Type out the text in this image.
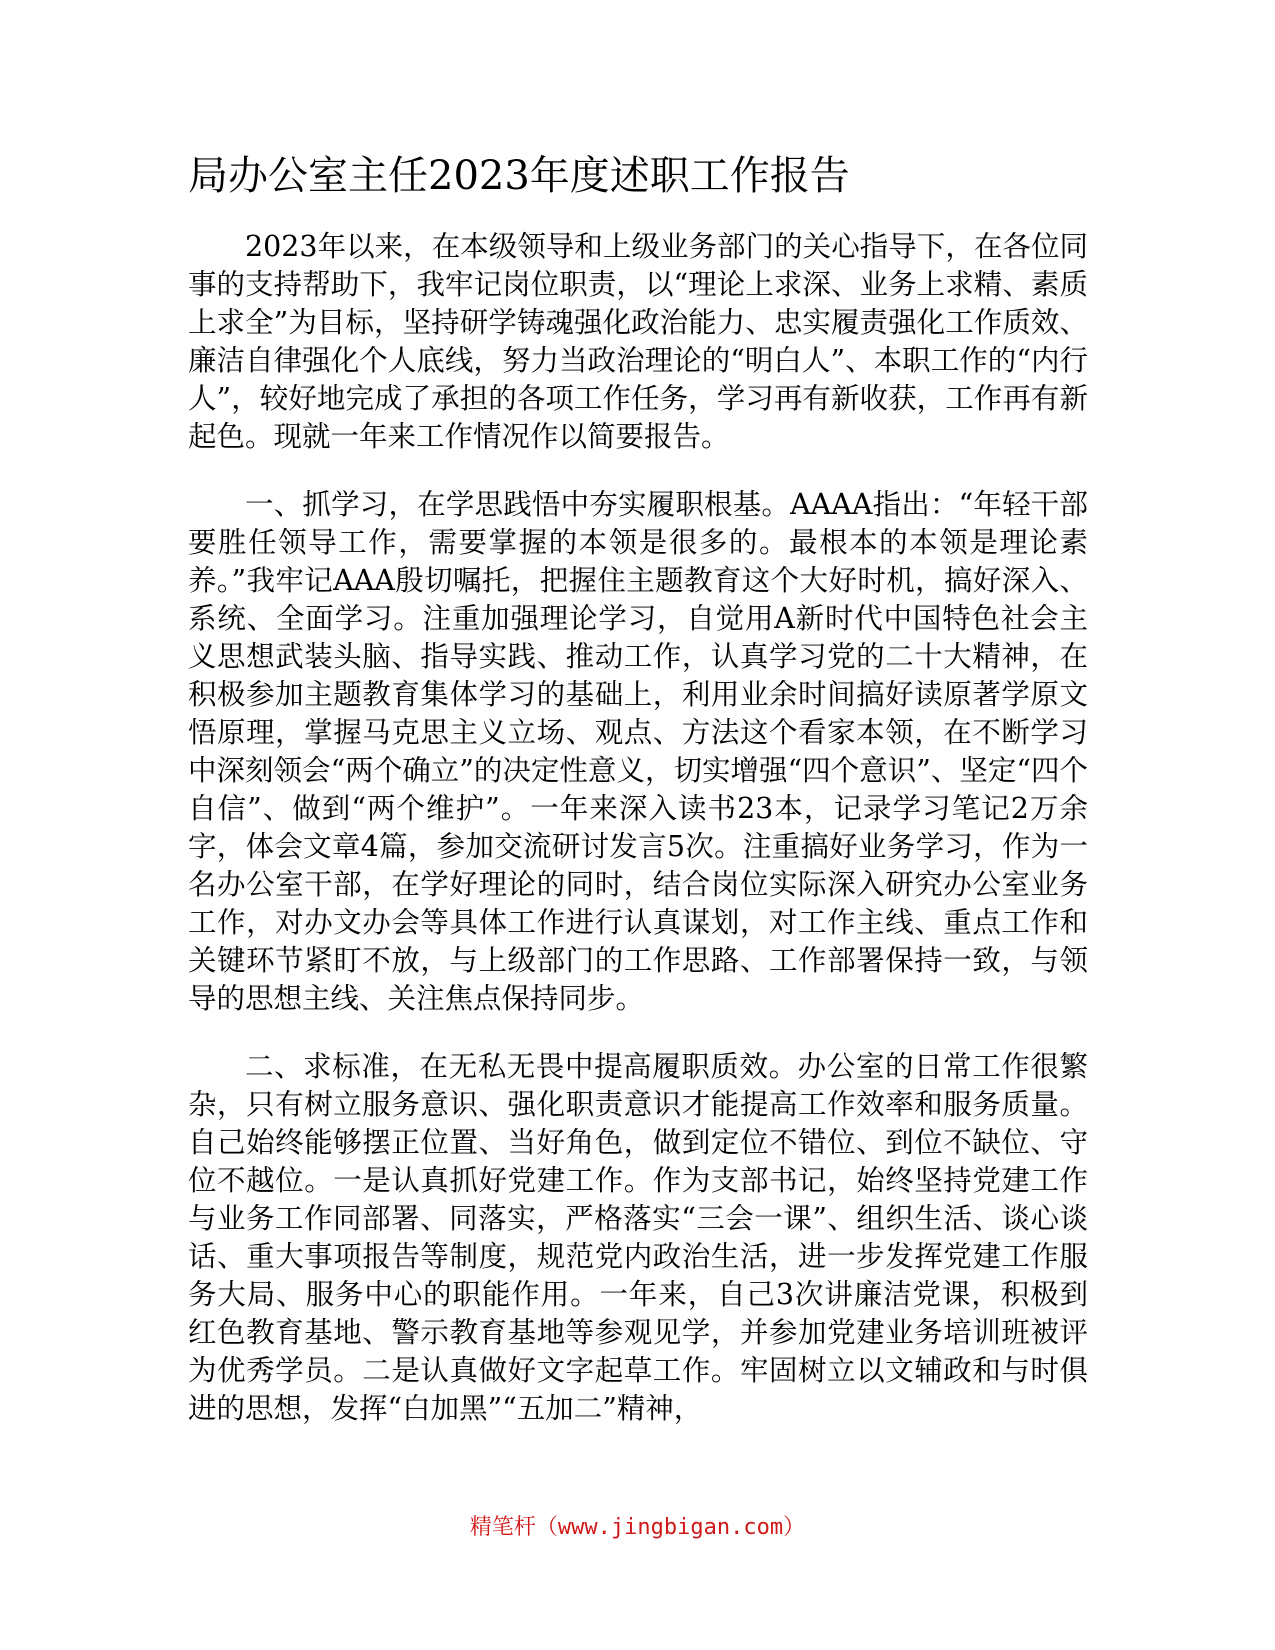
局办公室主任2023年度述职工作报告

2023年以来，在本级领导和上级业务部门的关心指导下，在各位同事的支持帮助下，我牢记岗位职责，以“理论上求深、业务上求精、素质上求全”为目标，坚持研学铸魂强化政治能力、忠实履责强化工作质效、廉洁自律强化个人底线，努力当政治理论的“明白人”、本职工作的“内行人”，较好地完成了承担的各项工作任务，学习再有新收获，工作再有新起色。现就一年来工作情况作以简要报告。

一、抓学习，在学思践悟中夯实履职根基。AAAA指出：“年轻干部要胜任领导工作，需要掌握的本领是很多的。最根本的本领是理论素养。”我牢记AAA殷切嘱托，把握住主题教育这个大好时机，搞好深入、系统、全面学习。注重加强理论学习，自觉用A新时代中国特色社会主义思想武装头脑、指导实践、推动工作，认真学习党的二十大精神，在积极参加主题教育集体学习的基础上，利用业余时间搞好读原著学原文悟原理，掌握马克思主义立场、观点、方法这个看家本领，在不断学习中深刻领会“两个确立”的决定性意义，切实增强“四个意识”、坚定“四个自信”、做到“两个维护”。一年来深入读书23本，记录学习笔记2万余字，体会文章4篇，参加交流研讨发言5次。注重搞好业务学习，作为一名办公室干部，在学好理论的同时，结合岗位实际深入研究办公室业务工作，对办文办会等具体工作进行认真谋划，对工作主线、重点工作和关键环节紧盯不放，与上级部门的工作思路、工作部署保持一致，与领导的思想主线、关注焦点保持同步。

二、求标准，在无私无畏中提高履职质效。办公室的日常工作很繁杂，只有树立服务意识、强化职责意识才能提高工作效率和服务质量。自己始终能够摆正位置、当好角色，做到定位不错位、到位不缺位、守位不越位。一是认真抓好党建工作。作为支部书记，始终坚持党建工作与业务工作同部署、同落实，严格落实“三会一课”、组织生活、谈心谈话、重大事项报告等制度，规范党内政治生活，进一步发挥党建工作服务大局、服务中心的职能作用。一年来，自己3次讲廉洁党课，积极到红色教育基地、警示教育基地等参观见学，并参加党建业务培训班被评为优秀学员。二是认真做好文字起草工作。牢固树立以文辅政和与时俱进的思想，发挥“白加黑”“五加二”精神，

精笔杆（www.jingbigan.com）
